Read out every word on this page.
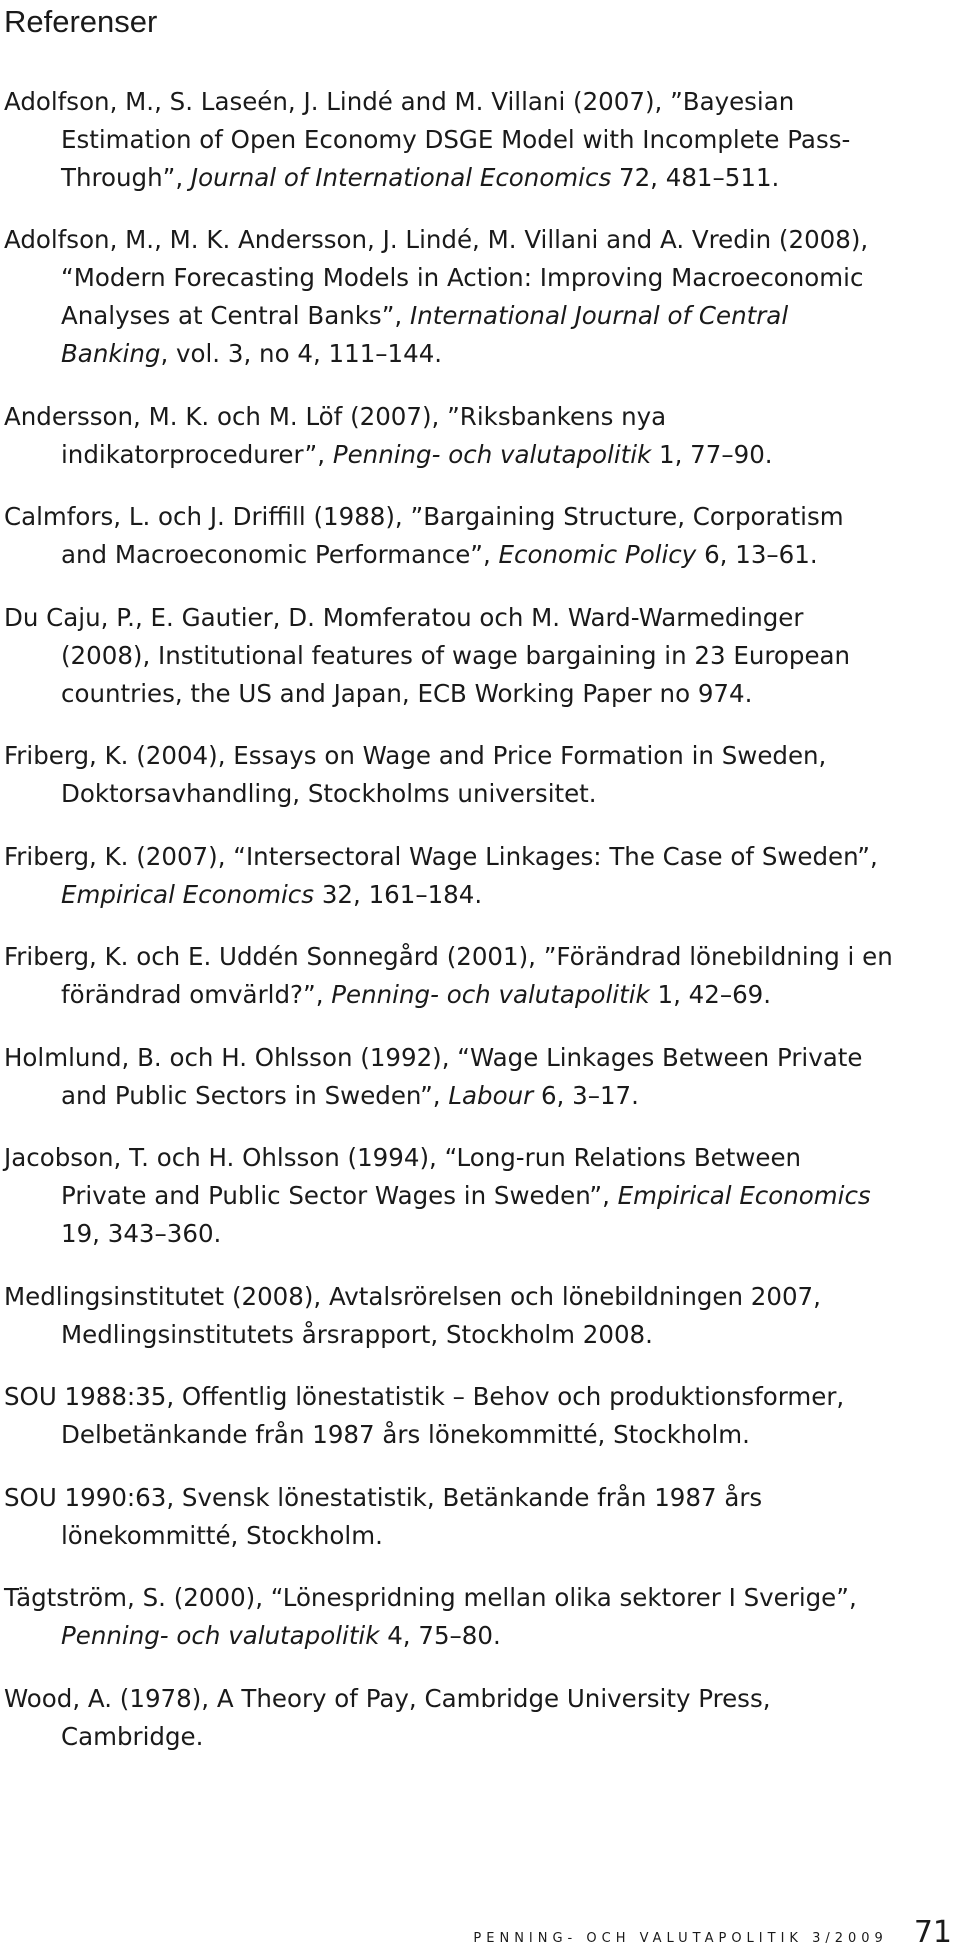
Referenser

Adolfson, M., S. Laseén, J. Lindé and M. Villani (2007), ”Bayesian Estimation of Open Economy DSGE Model with Incomplete Pass-Through”, Journal of International Economics 72, 481–511.

Adolfson, M., M. K. Andersson, J. Lindé, M. Villani and A. Vredin (2008), “Modern Forecasting Models in Action: Improving Macroeconomic Analyses at Central Banks”, International Journal of Central Banking, vol. 3, no 4, 111–144.

Andersson, M. K. och M. Löf (2007), ”Riksbankens nya indikatorprocedurer”, Penning- och valutapolitik 1, 77–90.

Calmfors, L. och J. Driffill (1988), ”Bargaining Structure, Corporatism and Macroeconomic Performance”, Economic Policy 6, 13–61.

Du Caju, P., E. Gautier, D. Momferatou och M. Ward-Warmedinger (2008), Institutional features of wage bargaining in 23 European countries, the US and Japan, ECB Working Paper no 974.

Friberg, K. (2004), Essays on Wage and Price Formation in Sweden, Doktorsavhandling, Stockholms universitet.

Friberg, K. (2007), “Intersectoral Wage Linkages: The Case of Sweden”, Empirical Economics 32, 161–184.

Friberg, K. och E. Uddén Sonnegård (2001), ”Förändrad lönebildning i en förändrad omvärld?”, Penning- och valutapolitik 1, 42–69.

Holmlund, B. och H. Ohlsson (1992), “Wage Linkages Between Private and Public Sectors in Sweden”, Labour 6, 3–17.

Jacobson, T. och H. Ohlsson (1994), “Long-run Relations Between Private and Public Sector Wages in Sweden”, Empirical Economics 19, 343–360.

Medlingsinstitutet (2008), Avtalsrörelsen och lönebildningen 2007, Medlingsinstitutets årsrapport, Stockholm 2008.

SOU 1988:35, Offentlig lönestatistik – Behov och produktionsformer, Delbetänkande från 1987 års lönekommitté, Stockholm.

SOU 1990:63, Svensk lönestatistik, Betänkande från 1987 års lönekommitté, Stockholm.

Tägtström, S. (2000), “Lönespridning mellan olika sektorer I Sverige”, Penning- och valutapolitik 4, 75–80.

Wood, A. (1978), A Theory of Pay, Cambridge University Press, Cambridge.

PENNING- OCH VALUTAPOLITIK 3/2009 71
